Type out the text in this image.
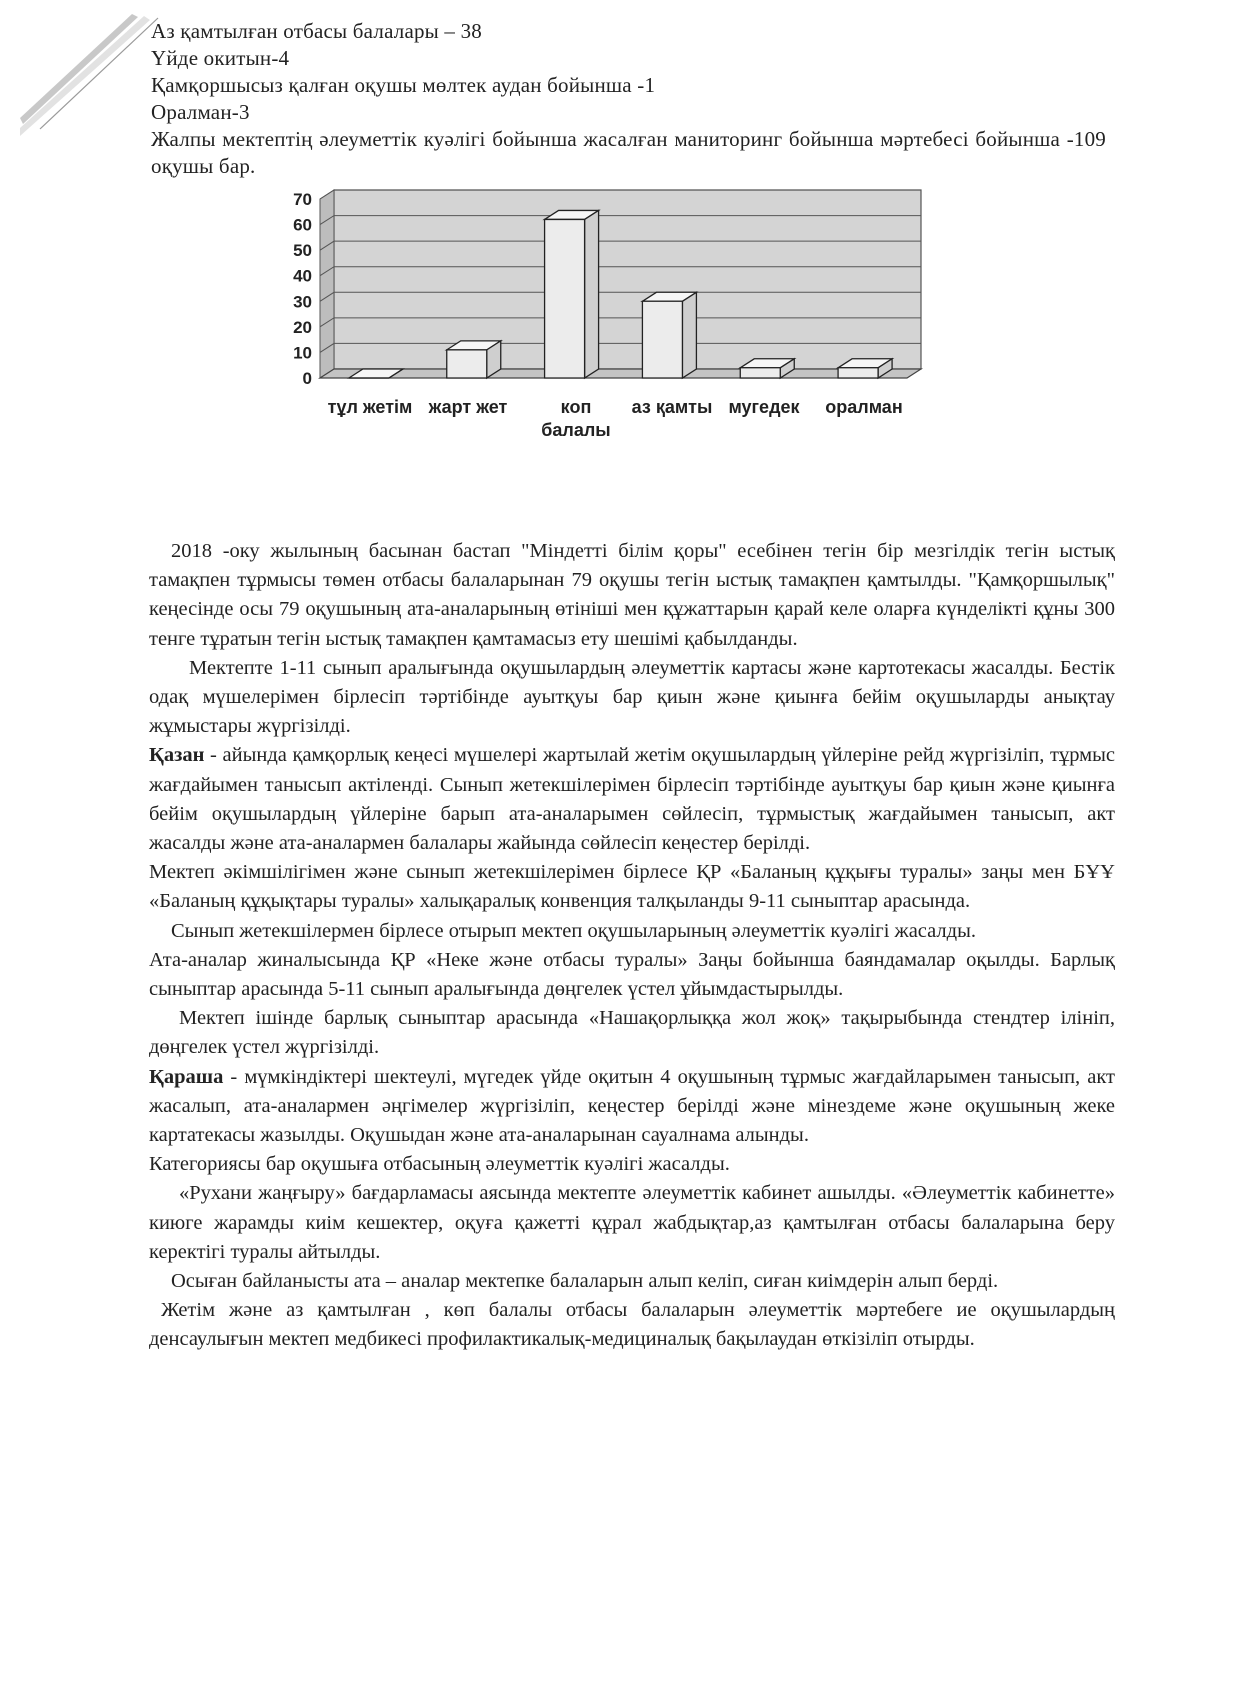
Аз қамтылған отбасы балалары – 38
Үйде окитын-4
Қамқоршысыз қалған оқушы мөлтек аудан бойынша -1
Оралман-3
Жалпы мектептің әлеуметтік куәлігі бойынша жасалған маниторинг бойынша мәртебесі бойынша -109 оқушы бар.
0
10
20
30
40
50
60
70
тұл жетім жарт жет	коп балалы
аз қамты мугедек оралман

2018 -оку жылының басынан бастап "Міндетті білім қоры" есебінен тегін бір мезгілдік тегін ыстық тамақпен тұрмысы төмен отбасы балаларынан 79 оқушы тегін ыстық тамақпен қамтылды. "Қамқоршылық" кеңесінде осы 79 оқушының ата-аналарының өтініші мен құжаттарын қарай келе оларға күнделікті құны 300 тенге тұратын тегін ыстық тамақпен қамтамасыз ету шешімі қабылданды.

Мектепте 1-11 сынып аралығында оқушылардың әлеуметтік картасы және картотекасы жасалды. Бестік одақ мүшелерімен бірлесіп тәртібінде ауытқуы бар қиын және қиынға бейім оқушыларды анықтау жұмыстары жүргізілді.

Қазан - айында қамқорлық кеңесі мүшелері жартылай жетім оқушылардың үйлеріне рейд жүргізіліп, тұрмыс жағдайымен танысып актіленді. Сынып жетекшілерімен бірлесіп тәртібінде ауытқуы бар қиын және қиынға бейім оқушылардың үйлеріне барып ата-аналарымен сөйлесіп, тұрмыстық жағдайымен танысып, акт жасалды және ата-аналармен балалары жайында сөйлесіп кеңестер берілді.

Мектеп әкімшілігімен және сынып жетекшілерімен бірлесе ҚР «Баланың құқығы туралы» заңы мен БҰҰ «Баланың құқықтары туралы» халықаралық конвенция талқыланды 9-11 сыныптар арасында.

Сынып жетекшілермен бірлесе отырып мектеп оқушыларының әлеуметтік куәлігі жасалды.

Ата-аналар жиналысында ҚР «Неке және отбасы туралы» Заңы бойынша баяндамалар оқылды. Барлық сыныптар арасында 5-11 сынып аралығында дөңгелек үстел ұйымдастырылды.

Мектеп ішінде барлық сыныптар арасында «Нашақорлыққа жол жоқ» тақырыбында стендтер ілініп, дөңгелек үстел жүргізілді.

Қараша - мүмкіндіктері шектеулі, мүгедек үйде оқитын 4 оқушының тұрмыс жағдайларымен танысып, акт жасалып, ата-аналармен әңгімелер жүргізіліп, кеңестер берілді және мінездеме және оқушының жеке картатекасы жазылды. Оқушыдан және ата-аналарынан сауалнама алынды.

Категориясы бар оқушыға отбасының әлеуметтік куәлігі жасалды.

«Рухани жаңғыру» бағдарламасы аясында мектепте әлеуметтік кабинет ашылды. «Әлеуметтік кабинетте» киюге жарамды киім кешектер, оқуға қажетті құрал жабдықтар,аз қамтылған отбасы балаларына беру керектігі туралы айтылды.

Осыған байланысты ата – аналар мектепке балаларын алып келіп, сиған киімдерін алып берді.

Жетім және аз қамтылған , көп балалы отбасы балаларын әлеуметтік мәртебеге ие оқушылардың денсаулығын мектеп медбикесі профилактикалық-медициналық бақылаудан өткізіліп отырды.
